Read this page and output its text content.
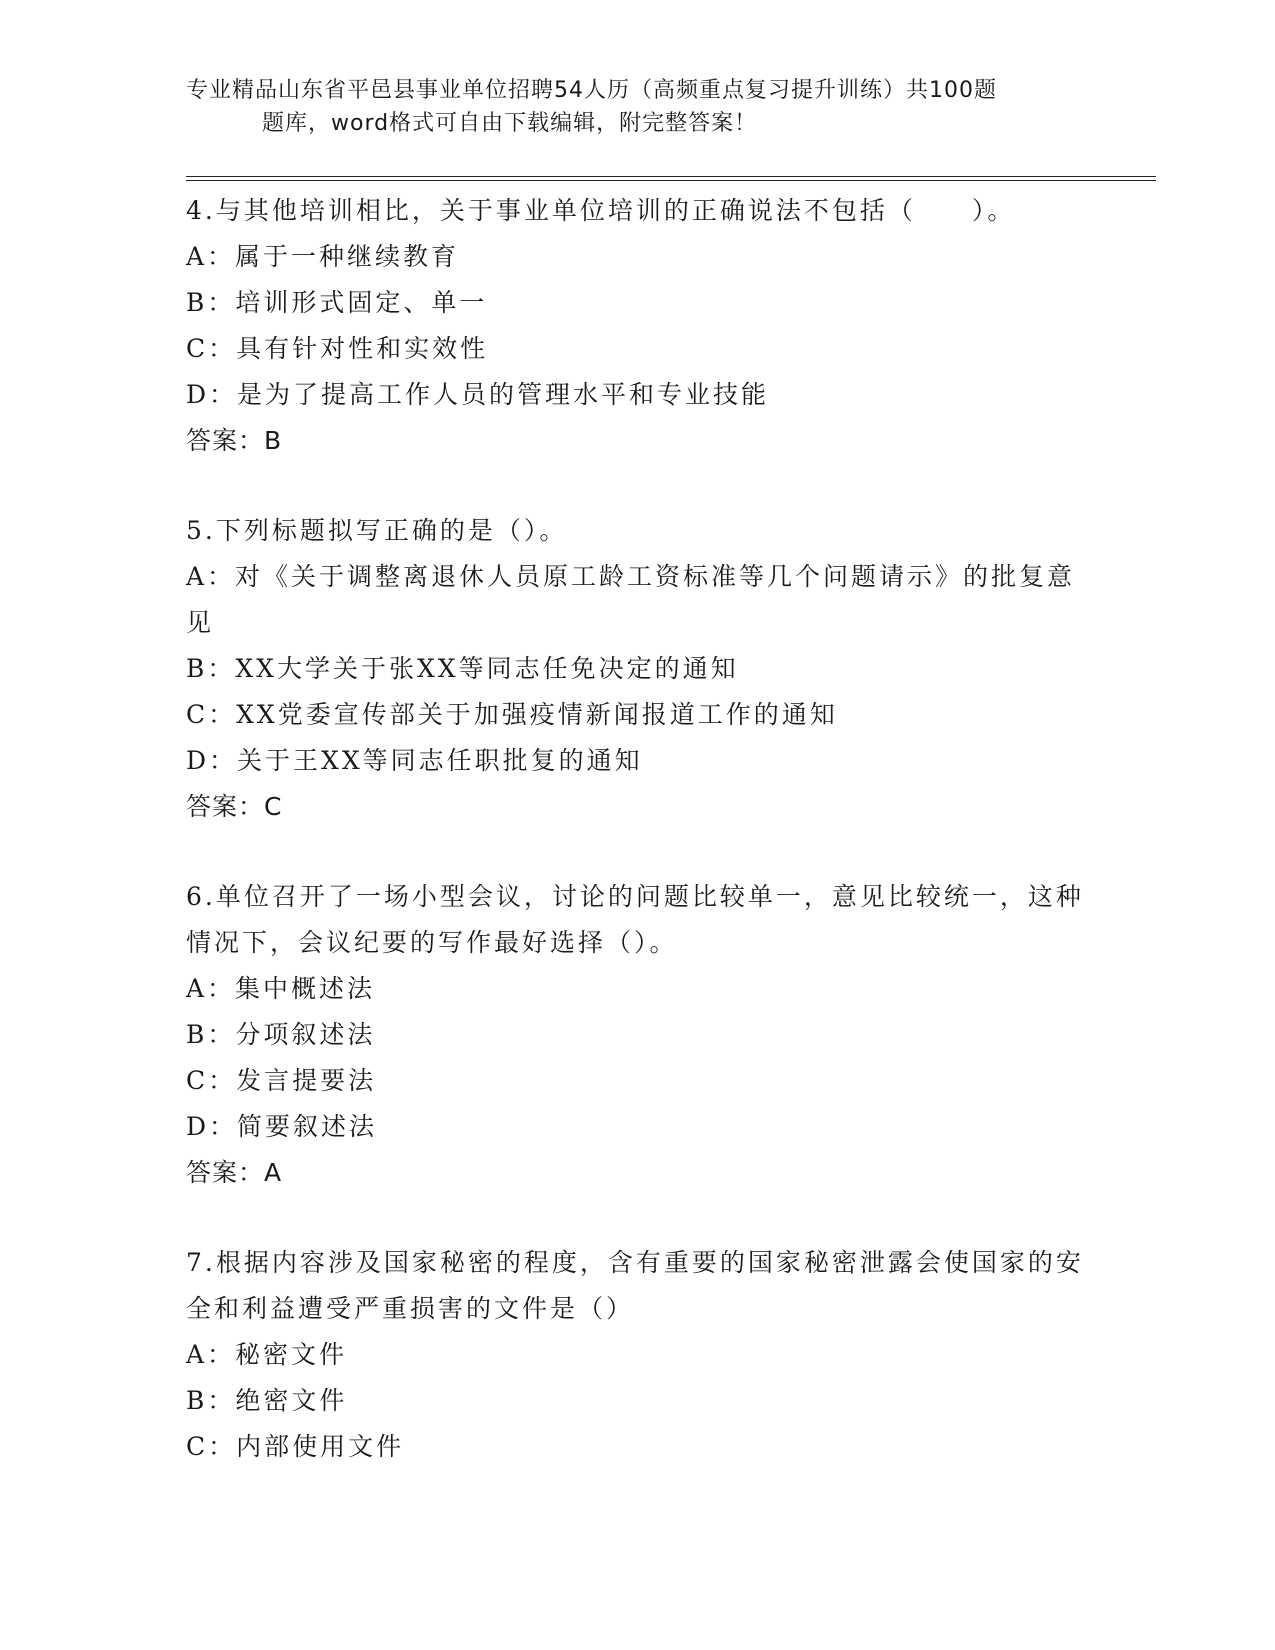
专业精品山东省平邑县事业单位招聘54人历（高频重点复习提升训练）共100题
题库，word格式可自由下载编辑，附完整答案！
4.与其他培训相比，关于事业单位培训的正确说法不包括（　　）。
A：属于一种继续教育
B：培训形式固定、单一
C：具有针对性和实效性
D：是为了提高工作人员的管理水平和专业技能
答案：B
5.下列标题拟写正确的是（）。
A：对《关于调整离退休人员原工龄工资标准等几个问题请示》的批复意见
B：XX大学关于张XX等同志任免决定的通知
C：XX党委宣传部关于加强疫情新闻报道工作的通知
D：关于王XX等同志任职批复的通知
答案：C
6.单位召开了一场小型会议，讨论的问题比较单一，意见比较统一，这种情况下，会议纪要的写作最好选择（）。
A：集中概述法
B：分项叙述法
C：发言提要法
D：简要叙述法
答案：A
7.根据内容涉及国家秘密的程度，含有重要的国家秘密泄露会使国家的安全和利益遭受严重损害的文件是（）
A：秘密文件
B：绝密文件
C：内部使用文件
